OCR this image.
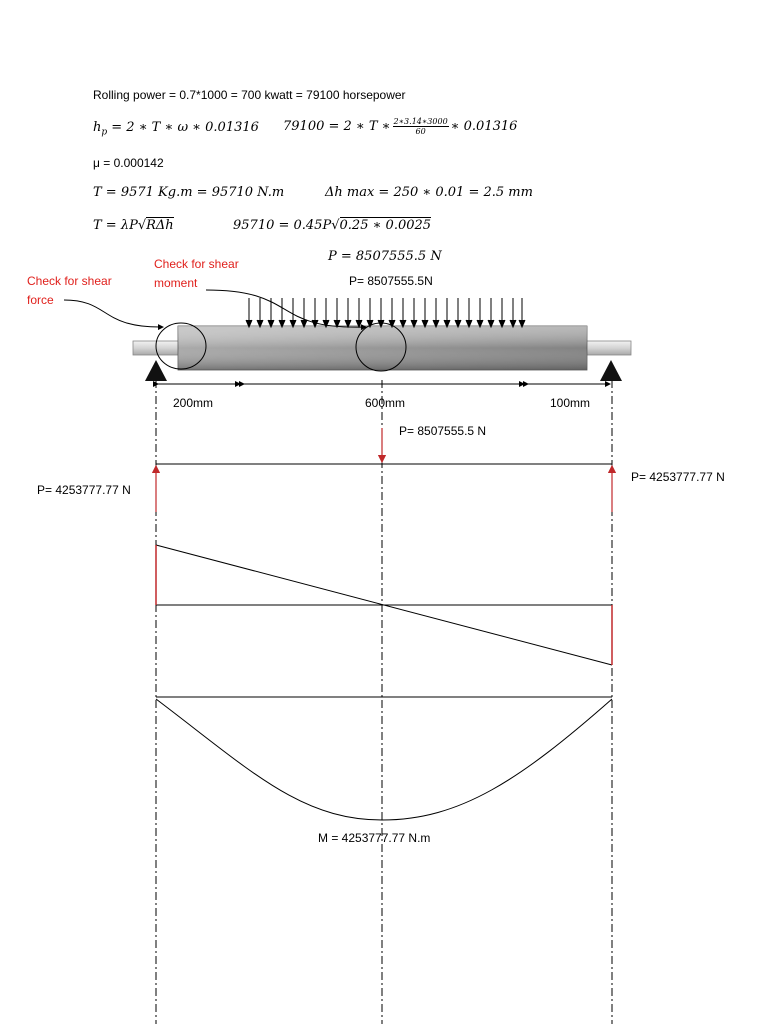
Rolling power = 0.7*1000 = 700 kwatt = 79100 horsepower
$h_p = 2$ ∗ T ∗ ω ∗ 0.01316 79100 = 2 ∗ T ∗ $\frac{2∗3.14∗3000}{60}$ ∗ 0.01316
μ = 0.000142
T = 9571 Kg.m = 95710 N.m	Δh max = 250 ∗ 0.01 = 2.5 mm
T = λP√RΔh	95710 = 0.45P√0.25 ∗ 0.0025
P = 8507555.5 N
Check for shear
moment
Check for shear
force
P= 8507555.5N
200mm	600mm	100mm
P= 8507555.5 N
P= 4253777.77 N
P= 4253777.77 N
M = 4253777.77 N.m
